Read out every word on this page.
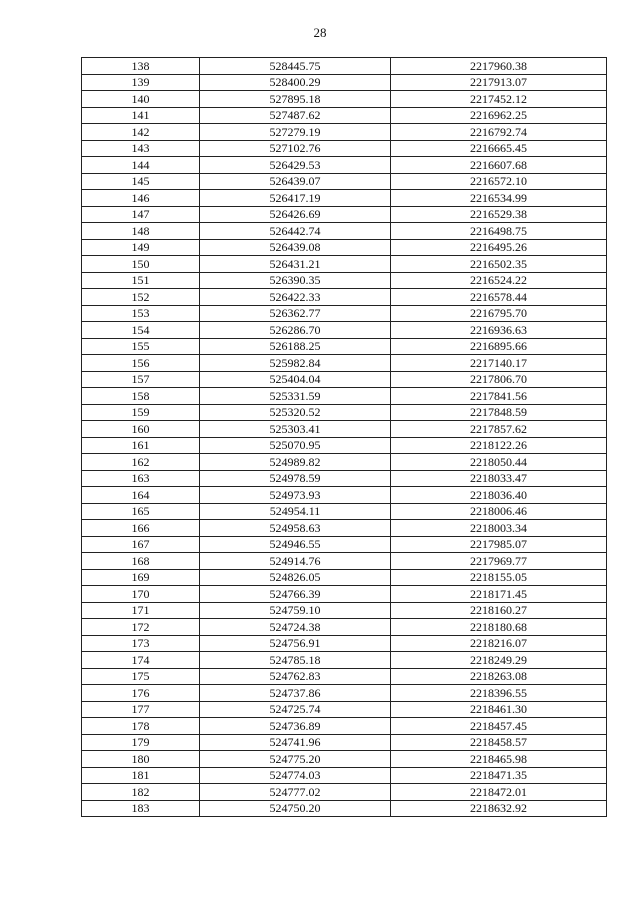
28
138	528445.75	2217960.38
139	528400.29	2217913.07
140	527895.18	2217452.12
141	527487.62	2216962.25
142	527279.19	2216792.74
143	527102.76	2216665.45
144	526429.53	2216607.68
145	526439.07	2216572.10
146	526417.19	2216534.99
147	526426.69	2216529.38
148	526442.74	2216498.75
149	526439.08	2216495.26
150	526431.21	2216502.35
151	526390.35	2216524.22
152	526422.33	2216578.44
153	526362.77	2216795.70
154	526286.70	2216936.63
155	526188.25	2216895.66
156	525982.84	2217140.17
157	525404.04	2217806.70
158	525331.59	2217841.56
159	525320.52	2217848.59
160	525303.41	2217857.62
161	525070.95	2218122.26
162	524989.82	2218050.44
163	524978.59	2218033.47
164	524973.93	2218036.40
165	524954.11	2218006.46
166	524958.63	2218003.34
167	524946.55	2217985.07
168	524914.76	2217969.77
169	524826.05	2218155.05
170	524766.39	2218171.45
171	524759.10	2218160.27
172	524724.38	2218180.68
173	524756.91	2218216.07
174	524785.18	2218249.29
175	524762.83	2218263.08
176	524737.86	2218396.55
177	524725.74	2218461.30
178	524736.89	2218457.45
179	524741.96	2218458.57
180	524775.20	2218465.98
181	524774.03	2218471.35
182	524777.02	2218472.01
183	524750.20	2218632.92
